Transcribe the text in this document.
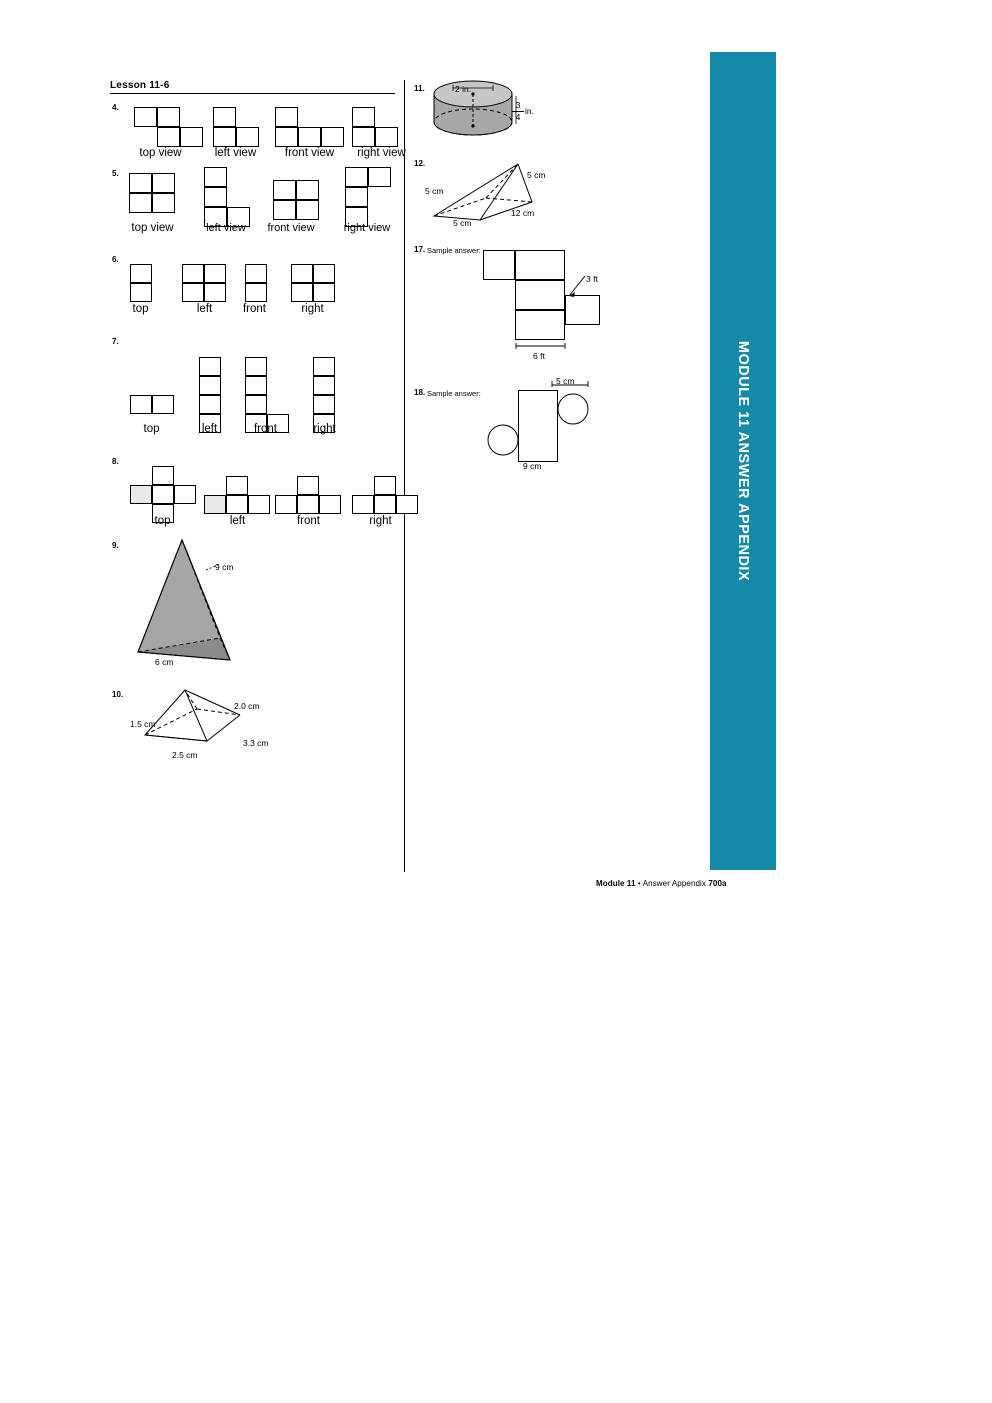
MODULE 11 ANSWER APPENDIX
Lesson 11-6
4.
top view	left view	front view	right view
5.
top view	left view	front view	right view
6.
top	left	front	right
7.
top	left	front	right
8.
top	left	front	right
9.
9 cm
6 cm
10.
2.0 cm
1.5 cm
3.3 cm
2.5 cm
11.	2 in.
3
4
in.
12.
5 cm
5 cm
5 cm
12 cm
17. Sample answer:
3 ft
6 ft
18. Sample answer:
5 cm
9 cm
Module 11 • Answer Appendix 700a
